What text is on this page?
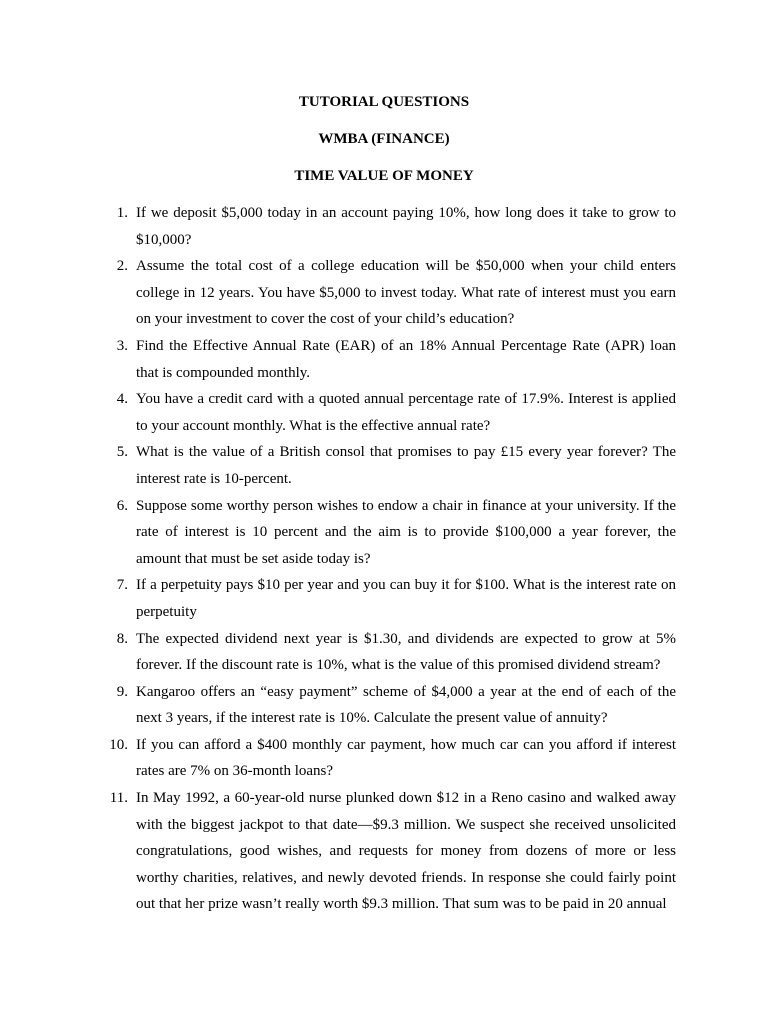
TUTORIAL QUESTIONS

WMBA (FINANCE)

TIME VALUE OF MONEY

1. If we deposit $5,000 today in an account paying 10%, how long does it take to grow to $10,000?
2. Assume the total cost of a college education will be $50,000 when your child enters college in 12 years. You have $5,000 to invest today. What rate of interest must you earn on your investment to cover the cost of your child’s education?
3. Find the Effective Annual Rate (EAR) of an 18% Annual Percentage Rate (APR) loan that is compounded monthly.
4. You have a credit card with a quoted annual percentage rate of 17.9%. Interest is applied to your account monthly. What is the effective annual rate?
5. What is the value of a British consol that promises to pay £15 every year forever? The interest rate is 10-percent.
6. Suppose some worthy person wishes to endow a chair in finance at your university. If the rate of interest is 10 percent and the aim is to provide $100,000 a year forever, the amount that must be set aside today is?
7. If a perpetuity pays $10 per year and you can buy it for $100. What is the interest rate on perpetuity
8. The expected dividend next year is $1.30, and dividends are expected to grow at 5% forever. If the discount rate is 10%, what is the value of this promised dividend stream?
9. Kangaroo offers an “easy payment” scheme of $4,000 a year at the end of each of the next 3 years, if the interest rate is 10%. Calculate the present value of annuity?
10. If you can afford a $400 monthly car payment, how much car can you afford if interest rates are 7% on 36-month loans?
11. In May 1992, a 60-year-old nurse plunked down $12 in a Reno casino and walked away with the biggest jackpot to that date—$9.3 million. We suspect she received unsolicited congratulations, good wishes, and requests for money from dozens of more or less worthy charities, relatives, and newly devoted friends. In response she could fairly point out that her prize wasn’t really worth $9.3 million. That sum was to be paid in 20 annual
